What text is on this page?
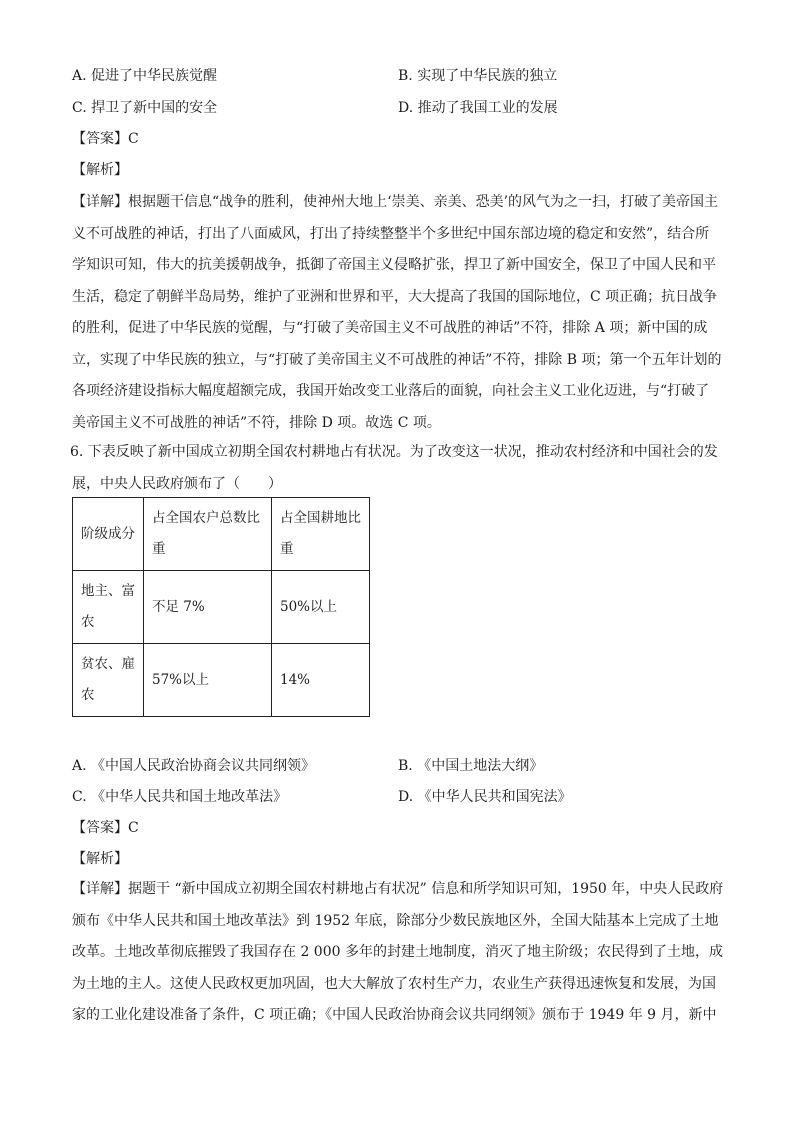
A. 促进了中华民族觉醒	B. 实现了中华民族的独立
C. 捍卫了新中国的安全	D. 推动了我国工业的发展
【答案】C
【解析】
【详解】根据题干信息“战争的胜利，使神州大地上‘崇美、亲美、恐美’的风气为之一扫，打破了美帝国主
义不可战胜的神话，打出了八面威风，打出了持续整整半个多世纪中国东部边境的稳定和安然”，结合所
学知识可知，伟大的抗美援朝战争，抵御了帝国主义侵略扩张，捍卫了新中国安全，保卫了中国人民和平
生活，稳定了朝鲜半岛局势，维护了亚洲和世界和平，大大提高了我国的国际地位，C 项正确；抗日战争
的胜利，促进了中华民族的觉醒，与“打破了美帝国主义不可战胜的神话”不符，排除 A 项；新中国的成
立，实现了中华民族的独立，与“打破了美帝国主义不可战胜的神话”不符，排除 B 项；第一个五年计划的
各项经济建设指标大幅度超额完成，我国开始改变工业落后的面貌，向社会主义工业化迈进，与“打破了
美帝国主义不可战胜的神话”不符，排除 D 项。故选 C 项。
6. 下表反映了新中国成立初期全国农村耕地占有状况。为了改变这一状况，推动农村经济和中国社会的发
展，中央人民政府颁布了（　　）
阶级成分	占全国农户总数比重	占全国耕地比重
地主、富农	不足 7%	50%以上
贫农、雇农	57%以上	14%
A. 《中国人民政治协商会议共同纲领》	B. 《中国土地法大纲》
C. 《中华人民共和国土地改革法》	D. 《中华人民共和国宪法》
【答案】C
【解析】
【详解】据题干 “新中国成立初期全国农村耕地占有状况” 信息和所学知识可知，1950 年，中央人民政府
颁布《中华人民共和国土地改革法》到 1952 年底，除部分少数民族地区外，全国大陆基本上完成了土地
改革。土地改革彻底摧毁了我国存在 2 000 多年的封建土地制度，消灭了地主阶级；农民得到了土地，成
为土地的主人。这使人民政权更加巩固，也大大解放了农村生产力，农业生产获得迅速恢复和发展，为国
家的工业化建设准备了条件，C 项正确；《中国人民政治协商会议共同纲领》颁布于 1949 年 9 月，新中
